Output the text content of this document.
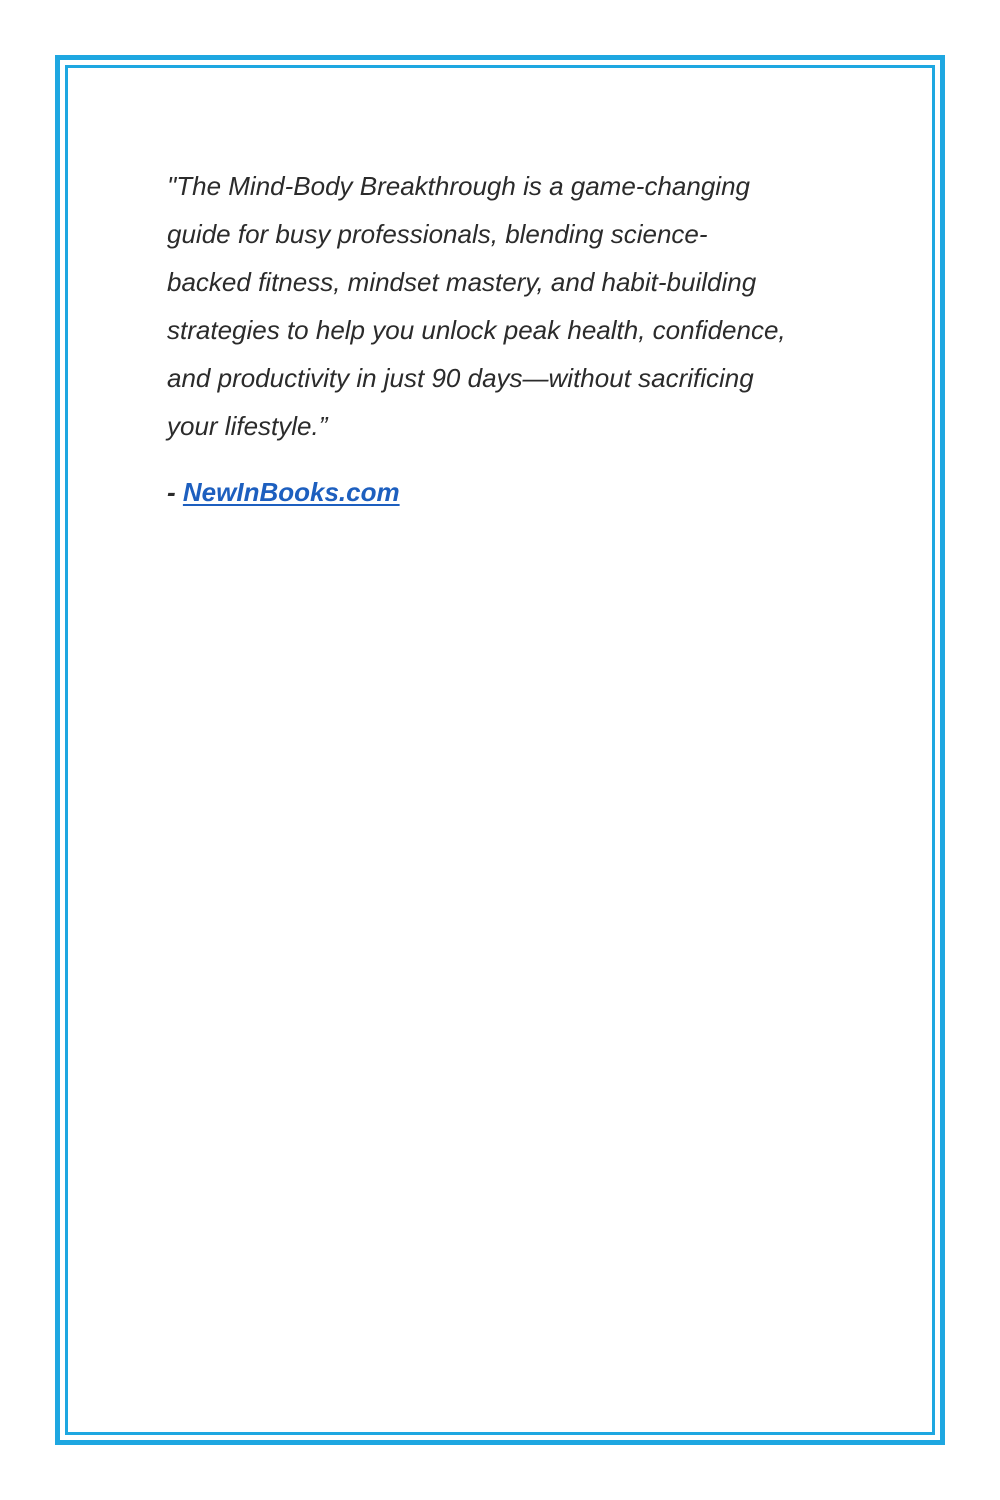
"The Mind-Body Breakthrough is a game-changing

guide for busy professionals, blending science-

backed fitness, mindset mastery, and habit-building

strategies to help you unlock peak health, confidence,

and productivity in just 90 days—without sacrificing

your lifestyle.”

- NewInBooks.com
